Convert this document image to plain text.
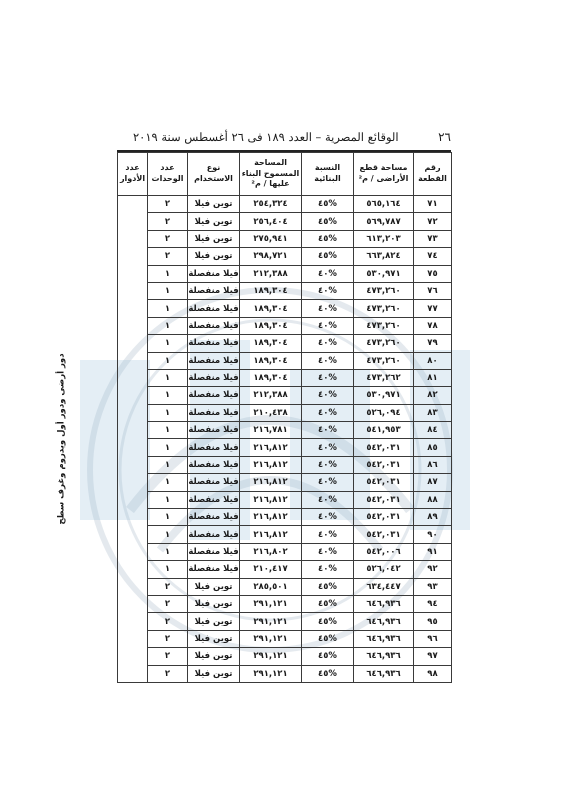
٢٦
الوقائع المصرية – العدد ١٨٩ فى ٢٦ أغسطس سنة ٢٠١٩
رقم القطعة	مساحة قطع الأراضى / م²	النسبة البنائية	المساحة المسموح البناء عليها / م²	نوع الاستخدام	عدد الوحدات	عدد الأدوار
٧١	٥٦٥,١٦٤	%٤٥	٢٥٤,٣٢٤	توين فيلا	٢	دور أرضى ودور أول ويدروم وغرف سطح
٧٢	٥٦٩,٧٨٧	%٤٥	٢٥٦,٤٠٤	توين فيلا	٢	
٧٣	٦١٣,٢٠٣	%٤٥	٢٧٥,٩٤١	توين فيلا	٢	
٧٤	٦٦٣,٨٢٤	%٤٥	٢٩٨,٧٢١	توين فيلا	٢	
٧٥	٥٣٠,٩٧١	%٤٠	٢١٢,٣٨٨	فيلا منفصلة	١	
٧٦	٤٧٣,٢٦٠	%٤٠	١٨٩,٣٠٤	فيلا منفصلة	١	
٧٧	٤٧٣,٢٦٠	%٤٠	١٨٩,٣٠٤	فيلا منفصلة	١	
٧٨	٤٧٣,٢٦٠	%٤٠	١٨٩,٣٠٤	فيلا منفصلة	١	
٧٩	٤٧٣,٢٦٠	%٤٠	١٨٩,٣٠٤	فيلا منفصلة	١	
٨٠	٤٧٣,٢٦٠	%٤٠	١٨٩,٣٠٤	فيلا منفصلة	١	
٨١	٤٧٣,٢٦٢	%٤٠	١٨٩,٣٠٤	فيلا منفصلة	١	
٨٢	٥٣٠,٩٧١	%٤٠	٢١٢,٣٨٨	فيلا منفصلة	١	
٨٣	٥٢٦,٠٩٤	%٤٠	٢١٠,٤٣٨	فيلا منفصلة	١	
٨٤	٥٤١,٩٥٣	%٤٠	٢١٦,٧٨١	فيلا منفصلة	١	
٨٥	٥٤٢,٠٣١	%٤٠	٢١٦,٨١٢	فيلا منفصلة	١	
٨٦	٥٤٢,٠٣١	%٤٠	٢١٦,٨١٢	فيلا منفصلة	١	
٨٧	٥٤٢,٠٣١	%٤٠	٢١٦,٨١٢	فيلا منفصلة	١	
٨٨	٥٤٢,٠٣١	%٤٠	٢١٦,٨١٢	فيلا منفصلة	١	
٨٩	٥٤٢,٠٣١	%٤٠	٢١٦,٨١٢	فيلا منفصلة	١	
٩٠	٥٤٢,٠٣١	%٤٠	٢١٦,٨١٢	فيلا منفصلة	١	
٩١	٥٤٢,٠٠٦	%٤٠	٢١٦,٨٠٢	فيلا منفصلة	١	
٩٢	٥٢٦,٠٤٢	%٤٠	٢١٠,٤١٧	فيلا منفصلة	١	
٩٣	٦٣٤,٤٤٧	%٤٥	٢٨٥,٥٠١	توين فيلا	٢	
٩٤	٦٤٦,٩٣٦	%٤٥	٢٩١,١٢١	توين فيلا	٢	
٩٥	٦٤٦,٩٣٦	%٤٥	٢٩١,١٢١	توين فيلا	٢	
٩٦	٦٤٦,٩٣٦	%٤٥	٢٩١,١٢١	توين فيلا	٢	
٩٧	٦٤٦,٩٣٦	%٤٥	٢٩١,١٢١	توين فيلا	٢	
٩٨	٦٤٦,٩٣٦	%٤٥	٢٩١,١٢١	توين فيلا	٢	
